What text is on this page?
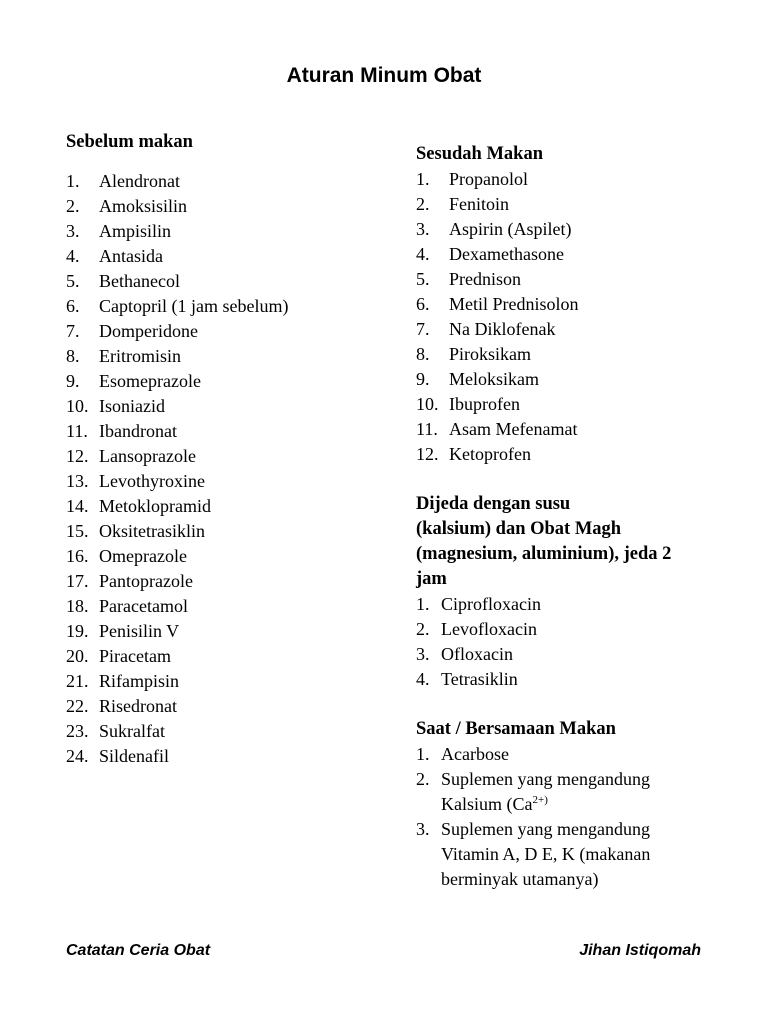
Aturan Minum Obat
Sebelum makan
1. Alendronat
2. Amoksisilin
3. Ampisilin
4. Antasida
5. Bethanecol
6. Captopril (1 jam sebelum)
7. Domperidone
8. Eritromisin
9. Esomeprazole
10. Isoniazid
11. Ibandronat
12. Lansoprazole
13. Levothyroxine
14. Metoklopramid
15. Oksitetrasiklin
16. Omeprazole
17. Pantoprazole
18. Paracetamol
19. Penisilin V
20. Piracetam
21. Rifampisin
22. Risedronat
23. Sukralfat
24. Sildenafil
Sesudah Makan
1. Propanolol
2. Fenitoin
3. Aspirin (Aspilet)
4. Dexamethasone
5. Prednison
6. Metil Prednisolon
7. Na Diklofenak
8. Piroksikam
9. Meloksikam
10. Ibuprofen
11. Asam Mefenamat
12. Ketoprofen
Dijeda dengan susu
(kalsium) dan Obat Magh
(magnesium, aluminium), jeda 2
jam
1. Ciprofloxacin
2. Levofloxacin
3. Ofloxacin
4. Tetrasiklin
Saat / Bersamaan Makan
1. Acarbose
2. Suplemen yang mengandung
Kalsium ($Ca^{2+)}$
3. Suplemen yang mengandung
Vitamin A, D E, K (makanan
berminyak utamanya)
Catatan Ceria Obat	Jihan Istiqomah
